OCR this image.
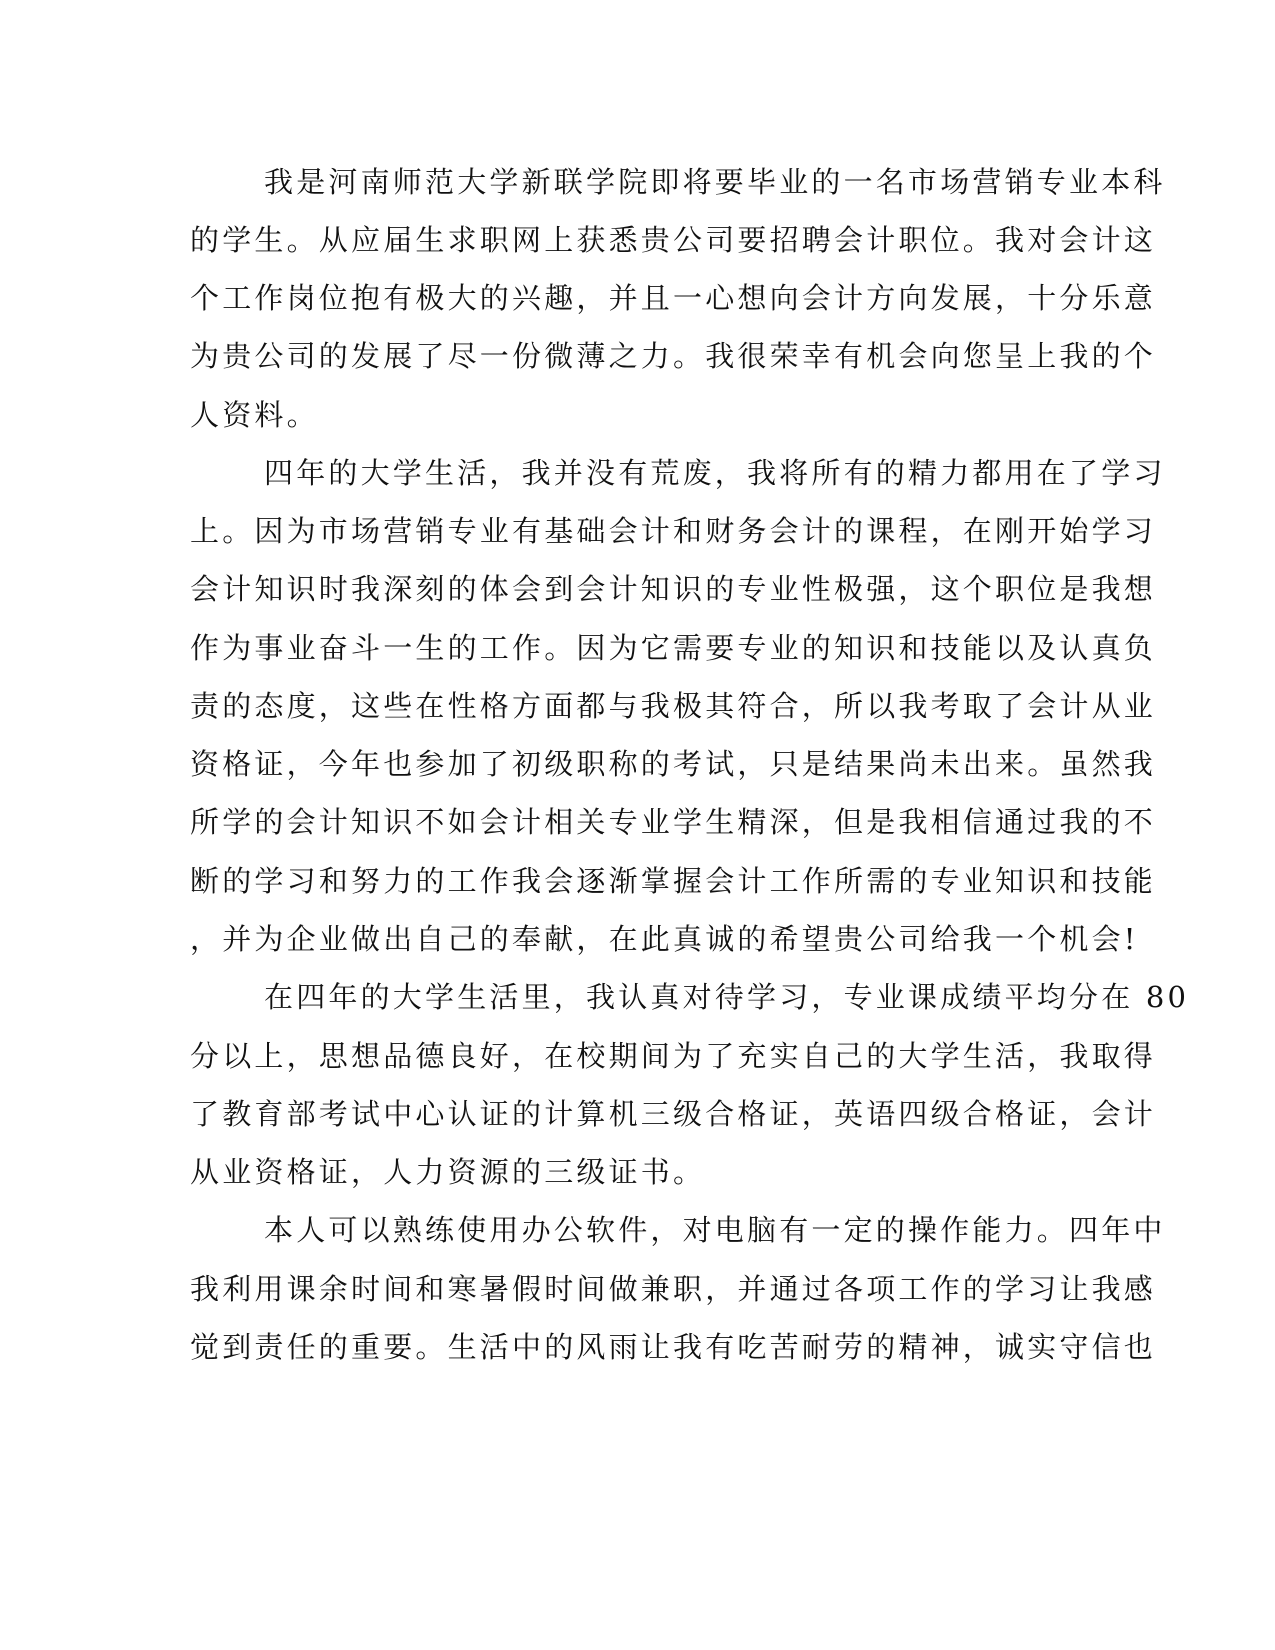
我是河南师范大学新联学院即将要毕业的一名市场营销专业本科
的学生。从应届生求职网上获悉贵公司要招聘会计职位。我对会计这
个工作岗位抱有极大的兴趣，并且一心想向会计方向发展，十分乐意
为贵公司的发展了尽一份微薄之力。我很荣幸有机会向您呈上我的个
人资料。
四年的大学生活，我并没有荒废，我将所有的精力都用在了学习
上。因为市场营销专业有基础会计和财务会计的课程，在刚开始学习
会计知识时我深刻的体会到会计知识的专业性极强，这个职位是我想
作为事业奋斗一生的工作。因为它需要专业的知识和技能以及认真负
责的态度，这些在性格方面都与我极其符合，所以我考取了会计从业
资格证，今年也参加了初级职称的考试，只是结果尚未出来。虽然我
所学的会计知识不如会计相关专业学生精深，但是我相信通过我的不
断的学习和努力的工作我会逐渐掌握会计工作所需的专业知识和技能
，并为企业做出自己的奉献，在此真诚的希望贵公司给我一个机会!
在四年的大学生活里，我认真对待学习，专业课成绩平均分在 80
分以上，思想品德良好，在校期间为了充实自己的大学生活，我取得
了教育部考试中心认证的计算机三级合格证，英语四级合格证，会计
从业资格证，人力资源的三级证书。
本人可以熟练使用办公软件，对电脑有一定的操作能力。四年中
我利用课余时间和寒暑假时间做兼职，并通过各项工作的学习让我感
觉到责任的重要。生活中的风雨让我有吃苦耐劳的精神，诚实守信也
